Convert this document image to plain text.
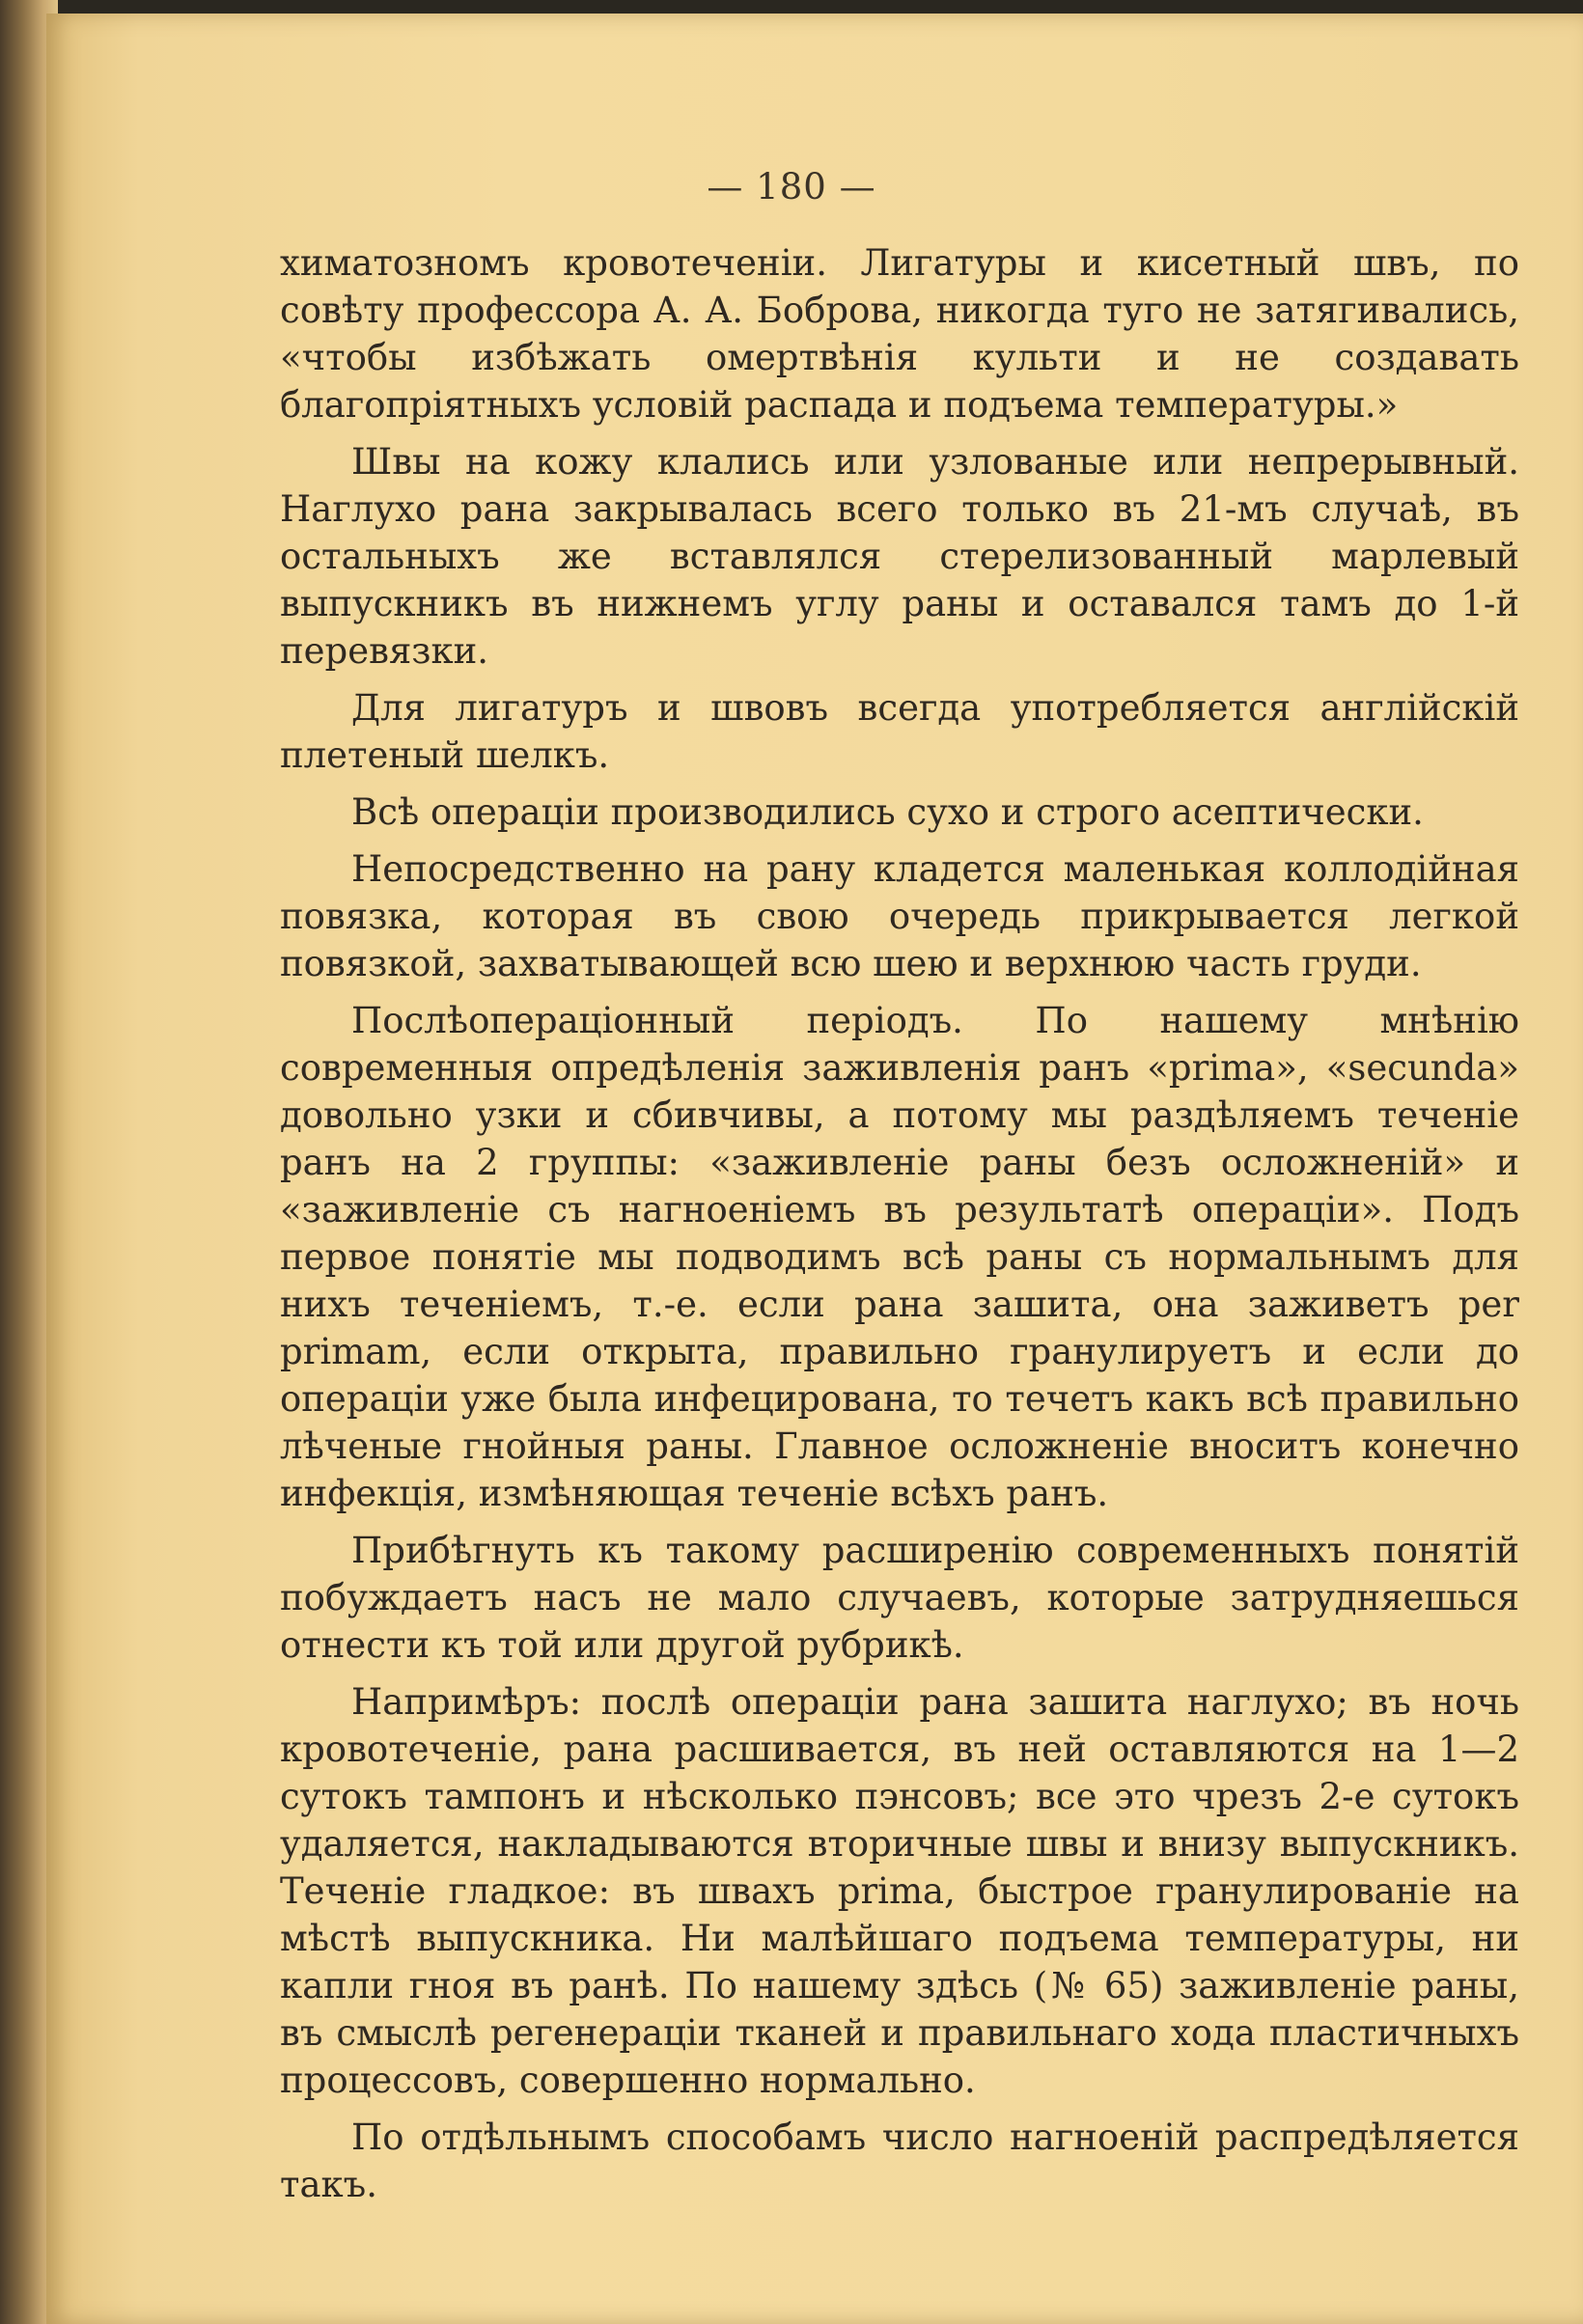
— 180 —

химатозномъ кровотеченіи. Лигатуры и кисетный швъ, по совѣту профессора А. А. Боброва, никогда туго не затягивались, «чтобы избѣжать омертвѣнія культи и не создавать благопріятныхъ условій распада и подъема температуры.»

Швы на кожу клались или узлованые или непрерывный. Наглухо рана закрывалась всего только въ 21-мъ случаѣ, въ остальныхъ же вставлялся стерелизованный марлевый выпускникъ въ нижнемъ углу раны и оставался тамъ до 1-й перевязки.

Для лигатуръ и швовъ всегда употребляется англійскій плетеный шелкъ.

Всѣ операціи производились сухо и строго асептически.

Непосредственно на рану кладется маленькая коллодійная повязка, которая въ свою очередь прикрывается легкой повязкой, захватывающей всю шею и верхнюю часть груди.

Послѣоперацiонный перiодъ. По нашему мнѣнію современныя опредѣленія заживленія ранъ «prima», «secunda» довольно узки и сбивчивы, а потому мы раздѣляемъ теченіе ранъ на 2 группы: «заживленіе раны безъ осложненій» и «заживленіе съ нагноеніемъ въ результатѣ операціи». Подъ первое понятіе мы подводимъ всѣ раны съ нормальнымъ для нихъ теченіемъ, т.-е. если рана зашита, она заживетъ per primam, если открыта, правильно гранулируетъ и если до операціи уже была инфецирована, то течетъ какъ всѣ правильно лѣченые гнойныя раны. Главное осложненіе вноситъ конечно инфекція, измѣняющая теченіе всѣхъ ранъ.

Прибѣгнуть къ такому расширенію современныхъ понятій побуждаетъ насъ не мало случаевъ, которые затрудняешься отнести къ той или другой рубрикѣ.

Напримѣръ: послѣ операціи рана зашита наглухо; въ ночь кровотеченіе, рана расшивается, въ ней оставляются на 1—2 сутокъ тампонъ и нѣсколько пэнсовъ; все это чрезъ 2-е сутокъ удаляется, накладываются вторичные швы и внизу выпускникъ. Теченіе гладкое: въ швахъ prima, быстрое гранулированіе на мѣстѣ выпускника. Ни малѣйшаго подъема температуры, ни капли гноя въ ранѣ. По нашему здѣсь (№ 65) заживленіе раны, въ смыслѣ регенераціи тканей и правильнаго хода пластичныхъ процессовъ, совершенно нормально.

По отдѣльнымъ способамъ число нагноеній распредѣляется такъ.
